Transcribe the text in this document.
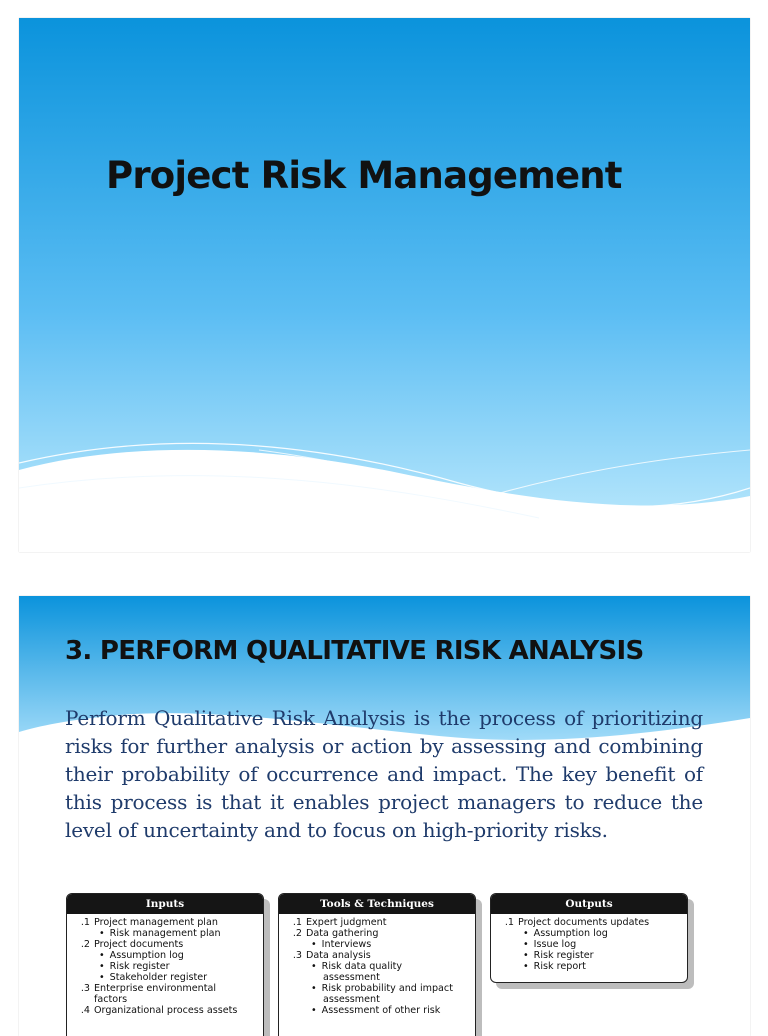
Project Risk Management
3. PERFORM QUALITATIVE RISK ANALYSIS

Perform Qualitative Risk Analysis is the process of prioritizing risks for further analysis or action by assessing and combining their probability of occurrence and impact. The key benefit of this process is that it enables project managers to reduce the level of uncertainty and to focus on high-priority risks.

Inputs
.1 Project management plan
• Risk management plan
.2 Project documents
• Assumption log
• Risk register
• Stakeholder register
.3 Enterprise environmental
factors
.4 Organizational process assets
Tools & Techniques
.1 Expert judgment
.2 Data gathering
• Interviews
.3 Data analysis
• Risk data quality
assessment
• Risk probability and impact
assessment
• Assessment of other risk
Outputs
.1 Project documents updates
• Assumption log
• Issue log
• Risk register
• Risk report
